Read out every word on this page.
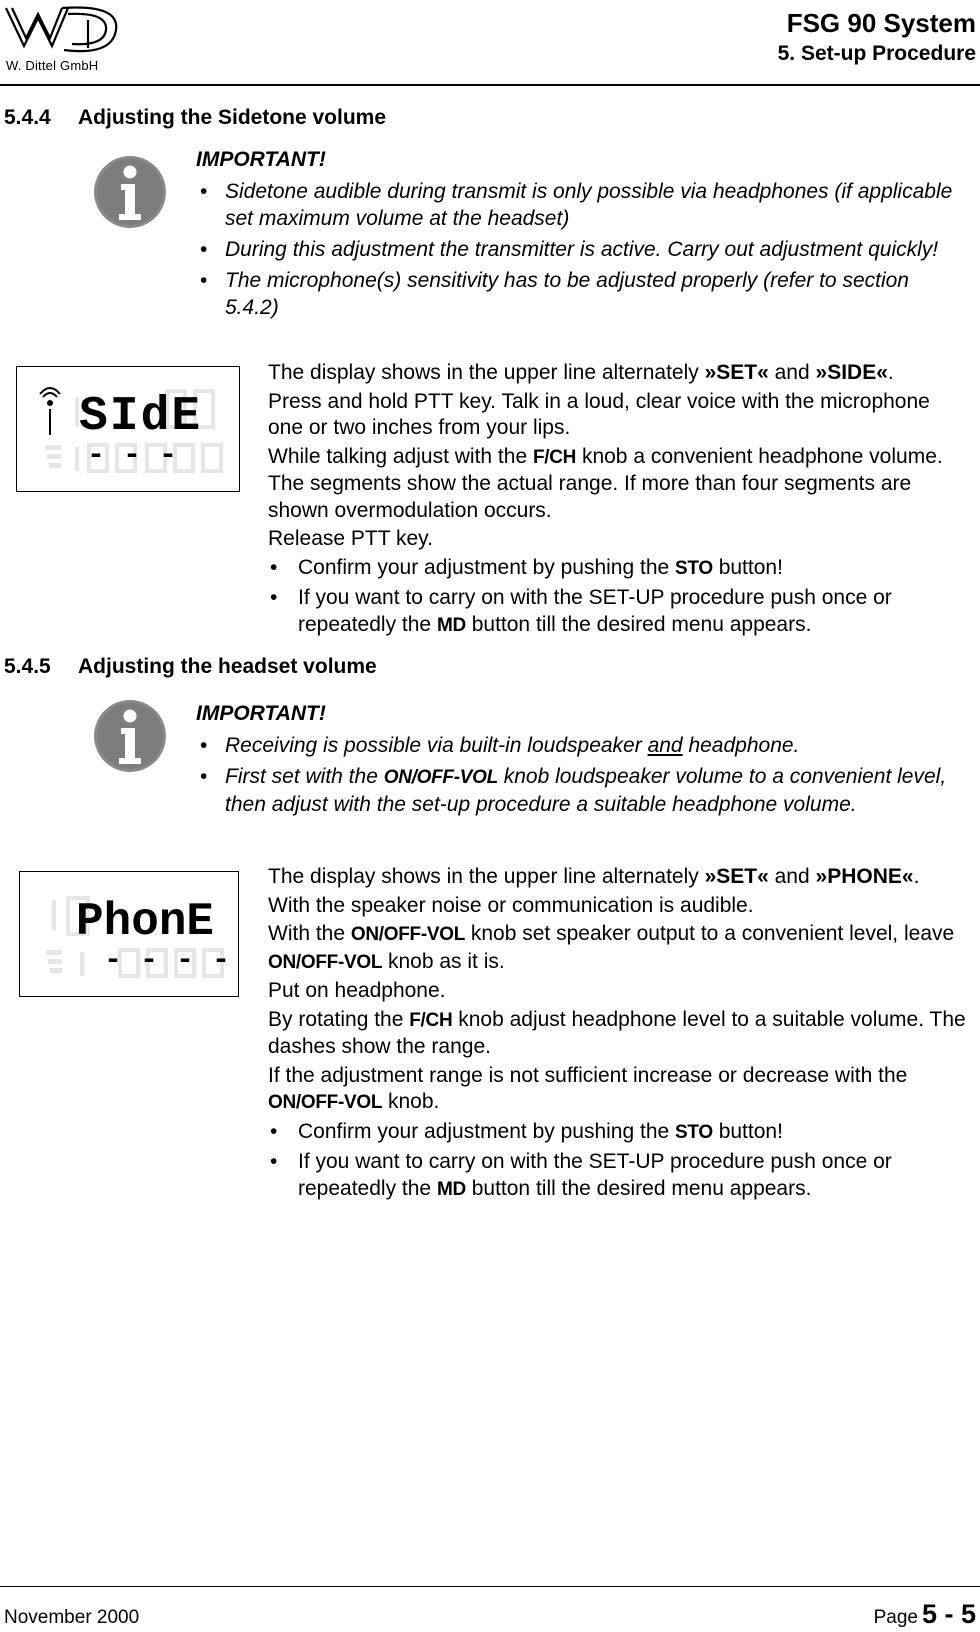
W. Dittel GmbH
FSG 90 System
5. Set-up Procedure
5.4.4 Adjusting the Sidetone volume
IMPORTANT!
• Sidetone audible during transmit is only possible via headphones (if applicable set maximum volume at the headset)
• During this adjustment the transmitter is active. Carry out adjustment quickly!
• The microphone(s) sensitivity has to be adjusted properly (refer to section 5.4.2)
SIdE
- - -

The display shows in the upper line alternately »SET« and »SIDE«.

Press and hold PTT key. Talk in a loud, clear voice with the microphone one or two inches from your lips.

While talking adjust with the F/CH knob a convenient headphone volume. The segments show the actual range. If more than four segments are shown overmodulation occurs.

Release PTT key.

• Confirm your adjustment by pushing the STO button!
• If you want to carry on with the SET-UP procedure push once or repeatedly the MD button till the desired menu appears.
5.4.5 Adjusting the headset volume
IMPORTANT!
• Receiving is possible via built-in loudspeaker and headphone.
• First set with the ON/OFF-VOL knob loudspeaker volume to a convenient level, then adjust with the set-up procedure a suitable headphone volume.
PhonE
- - - -

The display shows in the upper line alternately »SET« and »PHONE«.

With the speaker noise or communication is audible.

With the ON/OFF-VOL knob set speaker output to a convenient level, leave ON/OFF-VOL knob as it is.

Put on headphone.

By rotating the F/CH knob adjust headphone level to a suitable volume. The dashes show the range.

If the adjustment range is not sufficient increase or decrease with the ON/OFF-VOL knob.

• Confirm your adjustment by pushing the STO button!
• If you want to carry on with the SET-UP procedure push once or repeatedly the MD button till the desired menu appears.
November 2000	Page 5 - 5
